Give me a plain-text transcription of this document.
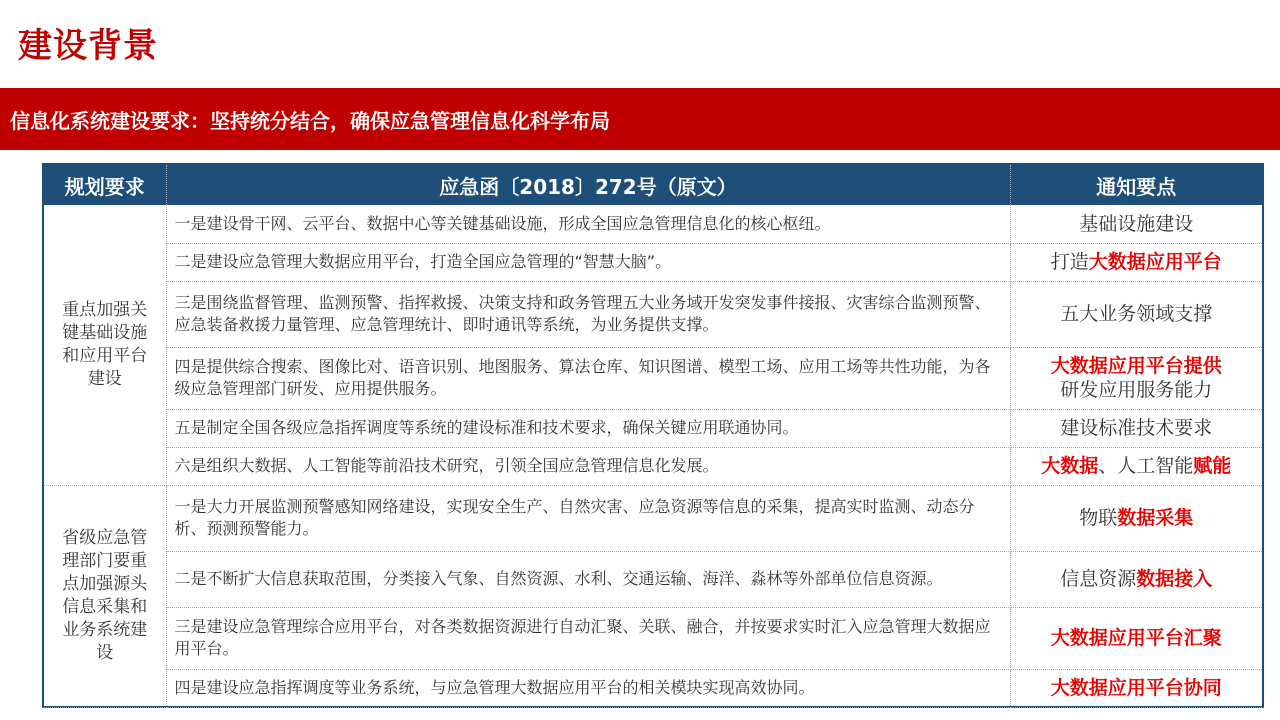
建设背景
信息化系统建设要求：坚持统分结合，确保应急管理信息化科学布局
规划要求	应急函〔2018〕272号（原文）	通知要点
重点加强关键基础设施和应用平台建设	一是建设骨干网、云平台、数据中心等关键基础设施，形成全国应急管理信息化的核心枢纽。	基础设施建设
	二是建设应急管理大数据应用平台，打造全国应急管理的“智慧大脑”。	打造大数据应用平台
	三是围绕监督管理、监测预警、指挥救援、决策支持和政务管理五大业务域开发突发事件接报、灾害综合监测预警、应急装备救援力量管理、应急管理统计、即时通讯等系统，为业务提供支撑。	五大业务领域支撑
	四是提供综合搜索、图像比对、语音识别、地图服务、算法仓库、知识图谱、模型工场、应用工场等共性功能，为各级应急管理部门研发、应用提供服务。	大数据应用平台提供
研发应用服务能力
	五是制定全国各级应急指挥调度等系统的建设标准和技术要求，确保关键应用联通协同。	建设标准技术要求
	六是组织大数据、人工智能等前沿技术研究，引领全国应急管理信息化发展。	大数据、人工智能赋能
省级应急管理部门要重点加强源头信息采集和业务系统建设	一是大力开展监测预警感知网络建设，实现安全生产、自然灾害、应急资源等信息的采集，提高实时监测、动态分析、预测预警能力。	物联数据采集
	二是不断扩大信息获取范围，分类接入气象、自然资源、水利、交通运输、海洋、淼林等外部单位信息资源。	信息资源数据接入
	三是建设应急管理综合应用平台，对各类数据资源进行自动汇聚、关联、融合，并按要求实时汇入应急管理大数据应用平台。	大数据应用平台汇聚
	四是建设应急指挥调度等业务系统，与应急管理大数据应用平台的相关模块实现高效协同。	大数据应用平台协同
